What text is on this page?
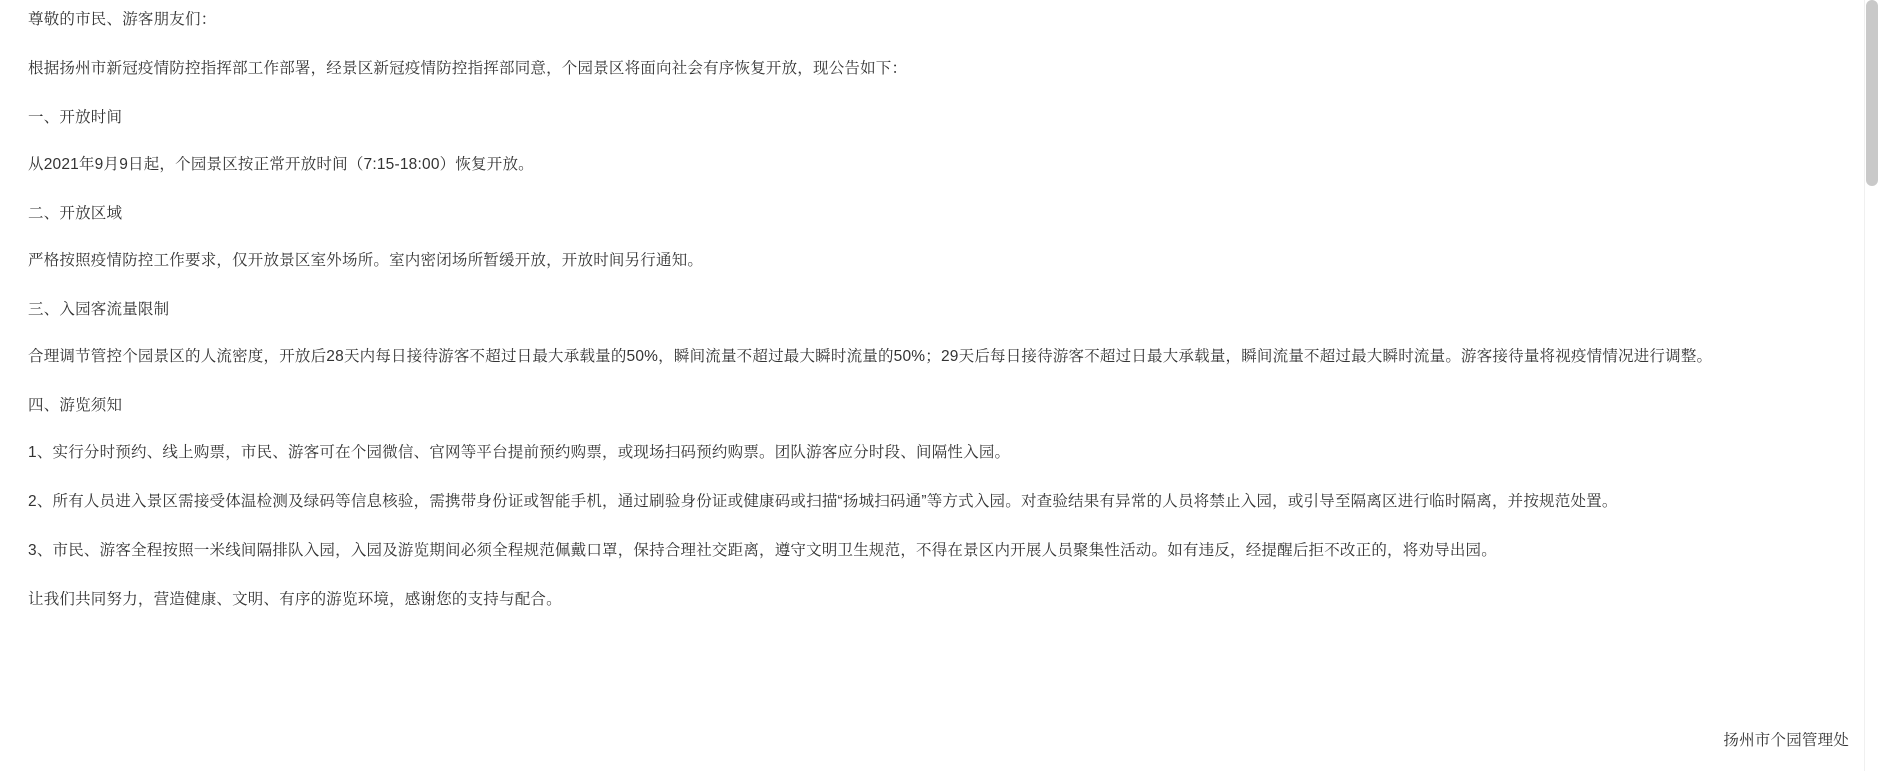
尊敬的市民、游客朋友们：

根据扬州市新冠疫情防控指挥部工作部署，经景区新冠疫情防控指挥部同意，个园景区将面向社会有序恢复开放，现公告如下：

一、开放时间

从2021年9月9日起，个园景区按正常开放时间（7:15-18:00）恢复开放。

二、开放区域

严格按照疫情防控工作要求，仅开放景区室外场所。室内密闭场所暂缓开放，开放时间另行通知。

三、入园客流量限制

合理调节管控个园景区的人流密度，开放后28天内每日接待游客不超过日最大承载量的50%，瞬间流量不超过最大瞬时流量的50%；29天后每日接待游客不超过日最大承载量，瞬间流量不超过最大瞬时流量。游客接待量将视疫情情况进行调整。

四、游览须知

1、实行分时预约、线上购票，市民、游客可在个园微信、官网等平台提前预约购票，或现场扫码预约购票。团队游客应分时段、间隔性入园。

2、所有人员进入景区需接受体温检测及绿码等信息核验，需携带身份证或智能手机，通过刷验身份证或健康码或扫描“扬城扫码通”等方式入园。对查验结果有异常的人员将禁止入园，或引导至隔离区进行临时隔离，并按规范处置。

3、市民、游客全程按照一米线间隔排队入园，入园及游览期间必须全程规范佩戴口罩，保持合理社交距离，遵守文明卫生规范，不得在景区内开展人员聚集性活动。如有违反，经提醒后拒不改正的，将劝导出园。

让我们共同努力，营造健康、文明、有序的游览环境，感谢您的支持与配合。

扬州市个园管理处
